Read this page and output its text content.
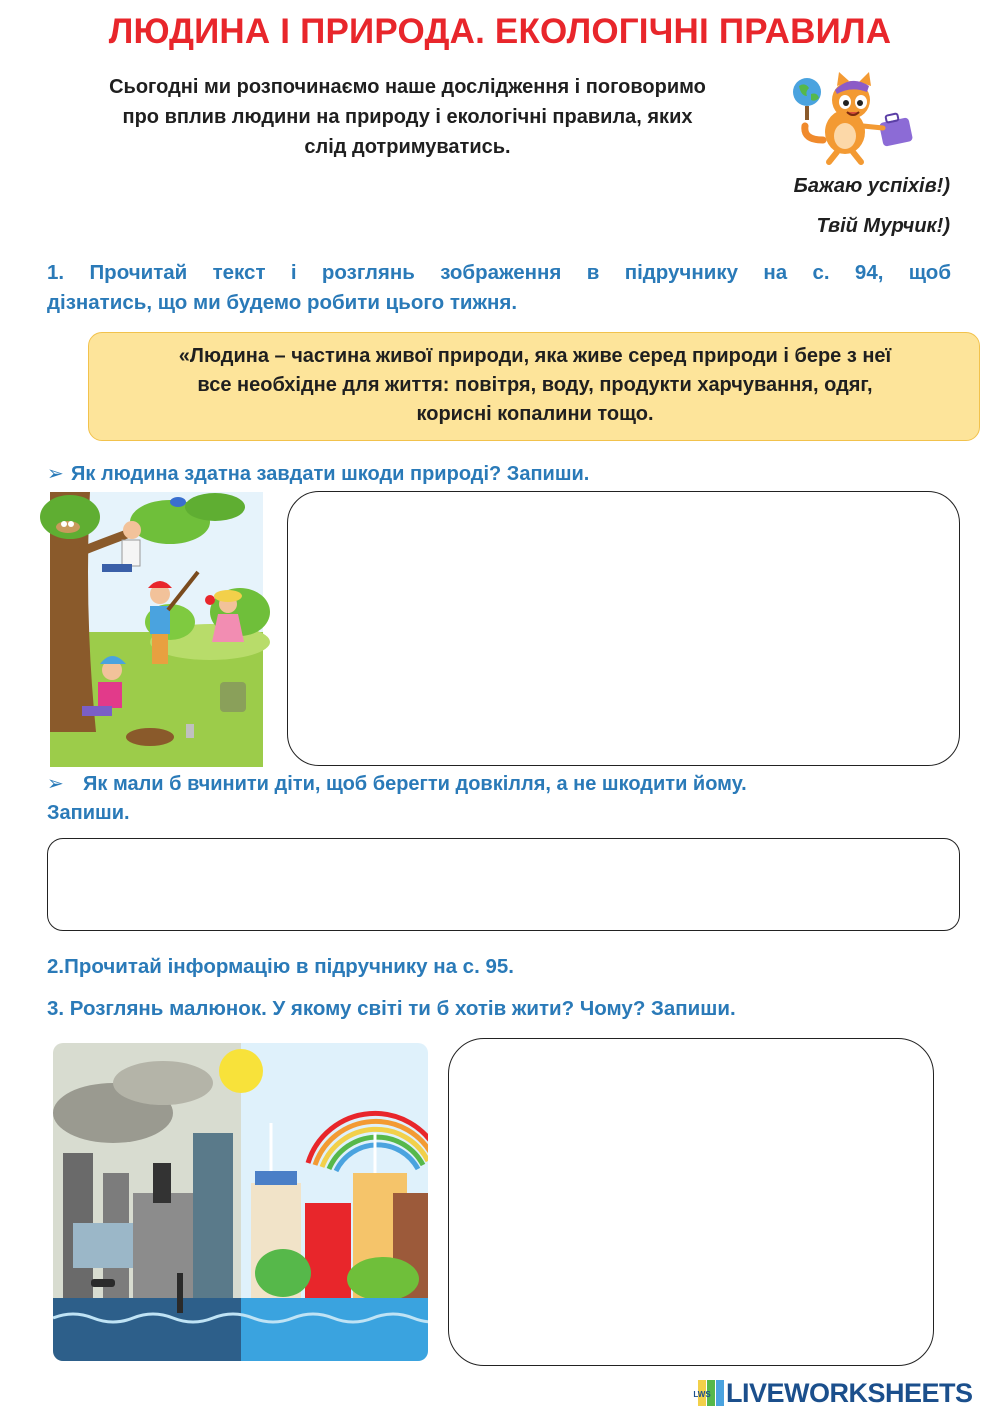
ЛЮДИНА І ПРИРОДА. ЕКОЛОГІЧНІ ПРАВИЛА
Сьогодні ми розпочинаємо наше дослідження і поговоримо
про вплив людини на природу і екологічні правила, яких
слід дотримуватись.
Бажаю успіхів!)
Твій Мурчик!)
1. Прочитай текст і розглянь зображення в підручнику на с. 94, щоб
дізнатись, що ми будемо робити цього тижня.
«Людина – частина живої природи, яка живе серед природи і бере з неї
все необхідне для життя: повітря, воду, продукти харчування, одяг,
корисні копалини тощо.
➢ Як людина здатна завдати шкоди природі? Запиши.
➢ Як мали б вчинити діти, щоб берегти довкілля, а не шкодити йому.
Запиши.
2.Прочитай інформацію в підручнику на с. 95.
3. Розглянь малюнок. У якому світі ти б хотів жити? Чому? Запиши.
LWS LIVEWORKSHEETS
